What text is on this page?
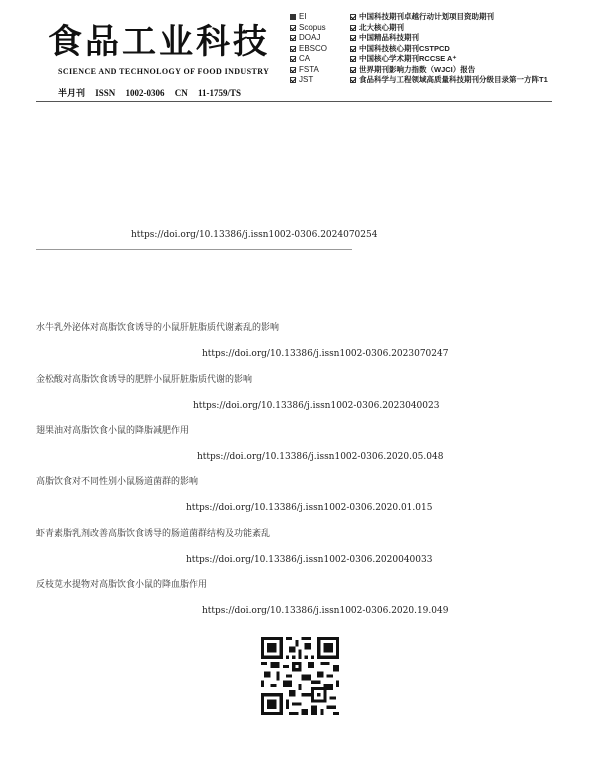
食品工业科技
SCIENCE AND TECHNOLOGY OF FOOD INDUSTRY
半月刊 ISSN 1002-0306 CN 11-1759/TS
EI
Scopus
DOAJ
EBSCO
CA
FSTA
JST
中国科技期刊卓越行动计划项目资助期刊
北大核心期刊
中国精品科技期刊
中国科技核心期刊CSTPCD
中国核心学术期刊RCCSE A⁺
世界期刊影响力指数（WJCI）报告
食品科学与工程领域高质量科技期刊分级目录第一方阵T1
https://doi.org/10.13386/j.issn1002-0306.2024070254
水牛乳外泌体对高脂饮食诱导的小鼠肝脏脂质代谢紊乱的影响
https://doi.org/10.13386/j.issn1002-0306.2023070247
金松酸对高脂饮食诱导的肥胖小鼠肝脏脂质代谢的影响
https://doi.org/10.13386/j.issn1002-0306.2023040023
翅果油对高脂饮食小鼠的降脂减肥作用
https://doi.org/10.13386/j.issn1002-0306.2020.05.048
高脂饮食对不同性别小鼠肠道菌群的影响
https://doi.org/10.13386/j.issn1002-0306.2020.01.015
虾青素脂乳剂改善高脂饮食诱导的肠道菌群结构及功能紊乱
https://doi.org/10.13386/j.issn1002-0306.2020040033
反枝苋水提物对高脂饮食小鼠的降血脂作用
https://doi.org/10.13386/j.issn1002-0306.2020.19.049
